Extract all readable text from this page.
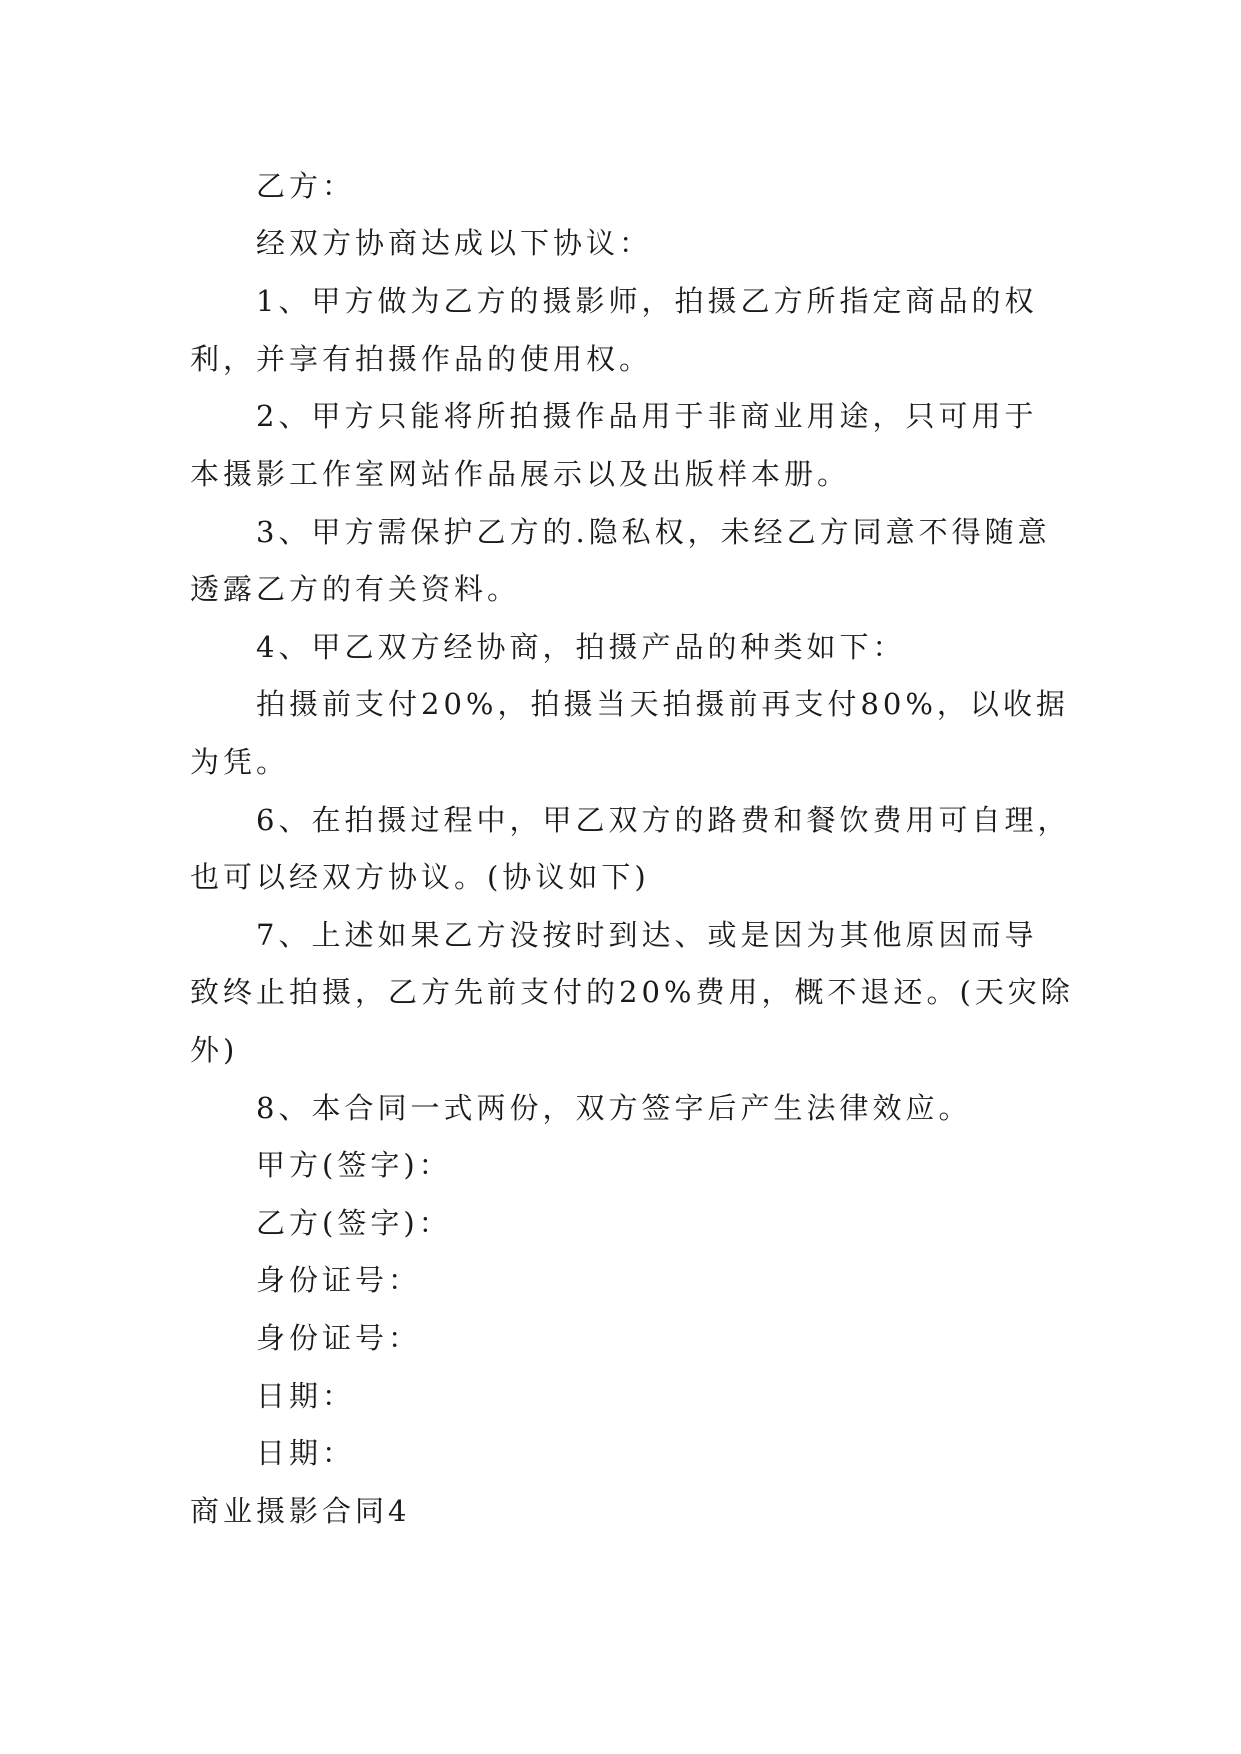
乙方：
经双方协商达成以下协议：
1、甲方做为乙方的摄影师，拍摄乙方所指定商品的权
利，并享有拍摄作品的使用权。
2、甲方只能将所拍摄作品用于非商业用途，只可用于
本摄影工作室网站作品展示以及出版样本册。
3、甲方需保护乙方的.隐私权，未经乙方同意不得随意
透露乙方的有关资料。
4、甲乙双方经协商，拍摄产品的种类如下：
拍摄前支付20%，拍摄当天拍摄前再支付80%，以收据
为凭。
6、在拍摄过程中，甲乙双方的路费和餐饮费用可自理，
也可以经双方协议。(协议如下)
7、上述如果乙方没按时到达、或是因为其他原因而导
致终止拍摄，乙方先前支付的20%费用，概不退还。(天灾除
外)
8、本合同一式两份，双方签字后产生法律效应。
甲方(签字)：
乙方(签字)：
身份证号：
身份证号：
日期：
日期：
商业摄影合同4
